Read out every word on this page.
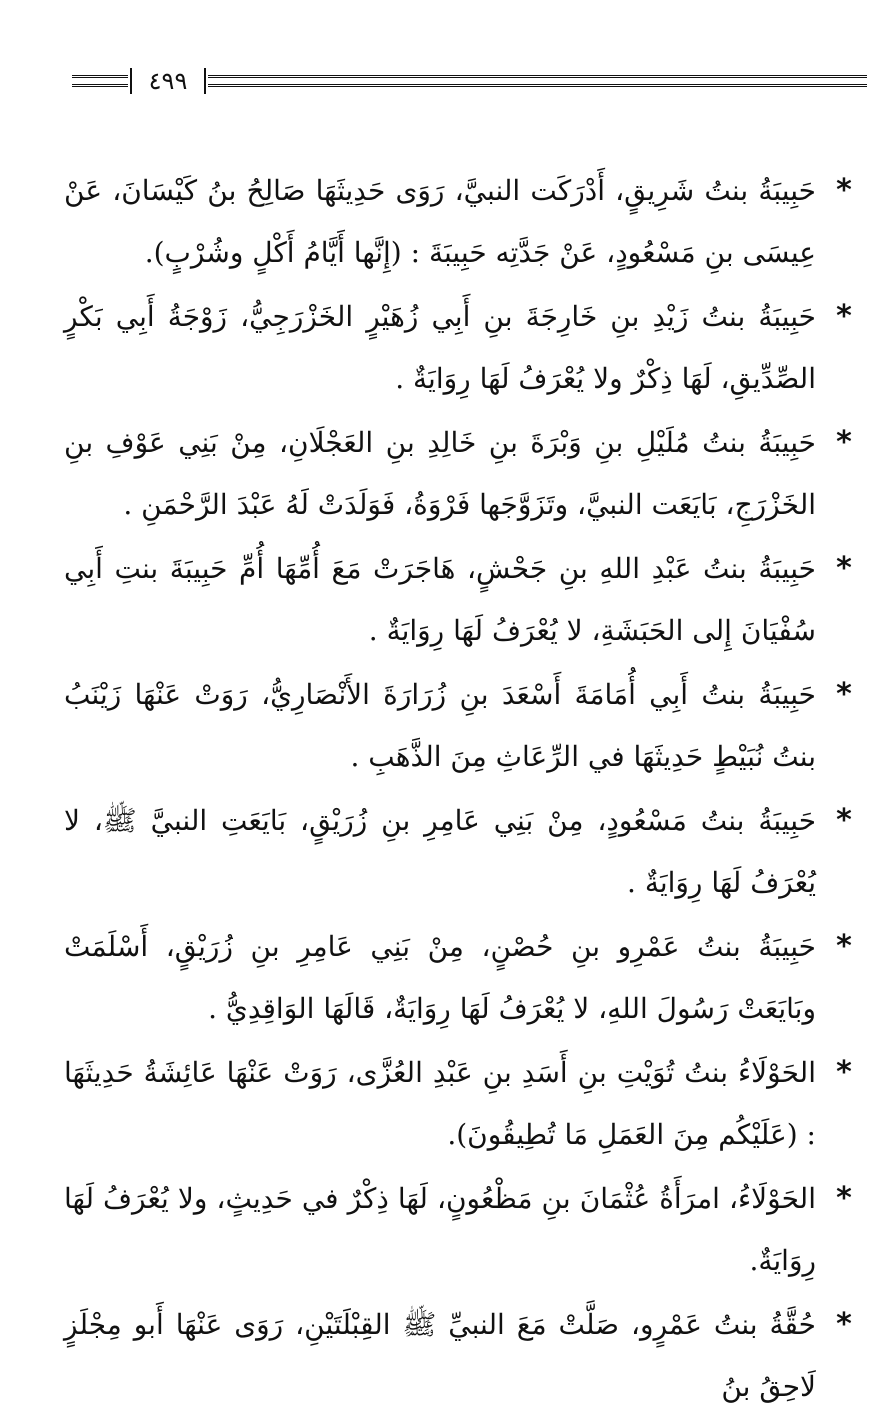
٤٩٩
*
حَبِيبَةُ بنتُ شَرِيقٍ، أَدْرَكَت النبيَّ، رَوَى حَدِيثَهَا صَالِحُ بنُ كَيْسَانَ، عَنْ عِيسَى بنِ مَسْعُودٍ، عَنْ جَدَّتِه حَبِيبَةَ : (إِنَّها أَيَّامُ أَكْلٍ وشُرْبٍ).
*
حَبِيبَةُ بنتُ زَيْدِ بنِ خَارِجَةَ بنِ أَبِي زُهَيْرٍ الخَزْرَجِيُّ، زَوْجَةُ أَبِي بَكْرٍ الصِّدِّيقِ، لَهَا ذِكْرٌ ولا يُعْرَفُ لَهَا رِوَايَةٌ .
*
حَبِيبَةُ بنتُ مُلَيْلِ بنِ وَبْرَةَ بنِ خَالِدِ بنِ العَجْلَانِ، مِنْ بَنِي عَوْفِ بنِ الخَزْرَجِ، بَايَعَت النبيَّ، وتَزَوَّجَها فَرْوَةُ، فَوَلَدَتْ لَهُ عَبْدَ الرَّحْمَنِ .
*
حَبِيبَةُ بنتُ عَبْدِ اللهِ بنِ جَحْشٍ، هَاجَرَتْ مَعَ أُمِّهَا أُمِّ حَبِيبَةَ بنتِ أَبِي سُفْيَانَ إِلى الحَبَشَةِ، لا يُعْرَفُ لَهَا رِوَايَةٌ .
*
حَبِيبَةُ بنتُ أَبِي أُمَامَةَ أَسْعَدَ بنِ زُرَارَةَ الأَنْصَارِيُّ، رَوَتْ عَنْهَا زَيْنَبُ بنتُ نُبَيْطٍ حَدِيثَهَا في الرِّعَاثِ مِنَ الذَّهَبِ .
*
حَبِيبَةُ بنتُ مَسْعُودٍ، مِنْ بَنِي عَامِرِ بنِ زُرَيْقٍ، بَايَعَتِ النبيَّ ﷺ، لا يُعْرَفُ لَهَا رِوَايَةٌ .
*
حَبِيبَةُ بنتُ عَمْرِو بنِ حُصْنٍ، مِنْ بَنِي عَامِرِ بنِ زُرَيْقٍ، أَسْلَمَتْ وبَايَعَتْ رَسُولَ اللهِ، لا يُعْرَفُ لَهَا رِوَايَةٌ، قَالَهَا الوَاقِدِيُّ .
*
الحَوْلَاءُ بنتُ تُوَيْتِ بنِ أَسَدِ بنِ عَبْدِ العُزَّى، رَوَتْ عَنْهَا عَائِشَةُ حَدِيثَهَا : (عَلَيْكُم مِنَ العَمَلِ مَا تُطِيقُونَ).
*
الحَوْلَاءُ، امرَأَةُ عُثْمَانَ بنِ مَظْعُونٍ، لَهَا ذِكْرٌ في حَدِيثٍ، ولا يُعْرَفُ لَهَا رِوَايَةٌ.
*
حُقَّةُ بنتُ عَمْرٍو، صَلَّتْ مَعَ النبيِّ ﷺ القِبْلَتَيْنِ، رَوَى عَنْهَا أَبو مِجْلَزٍ لَاحِقُ بنُ
